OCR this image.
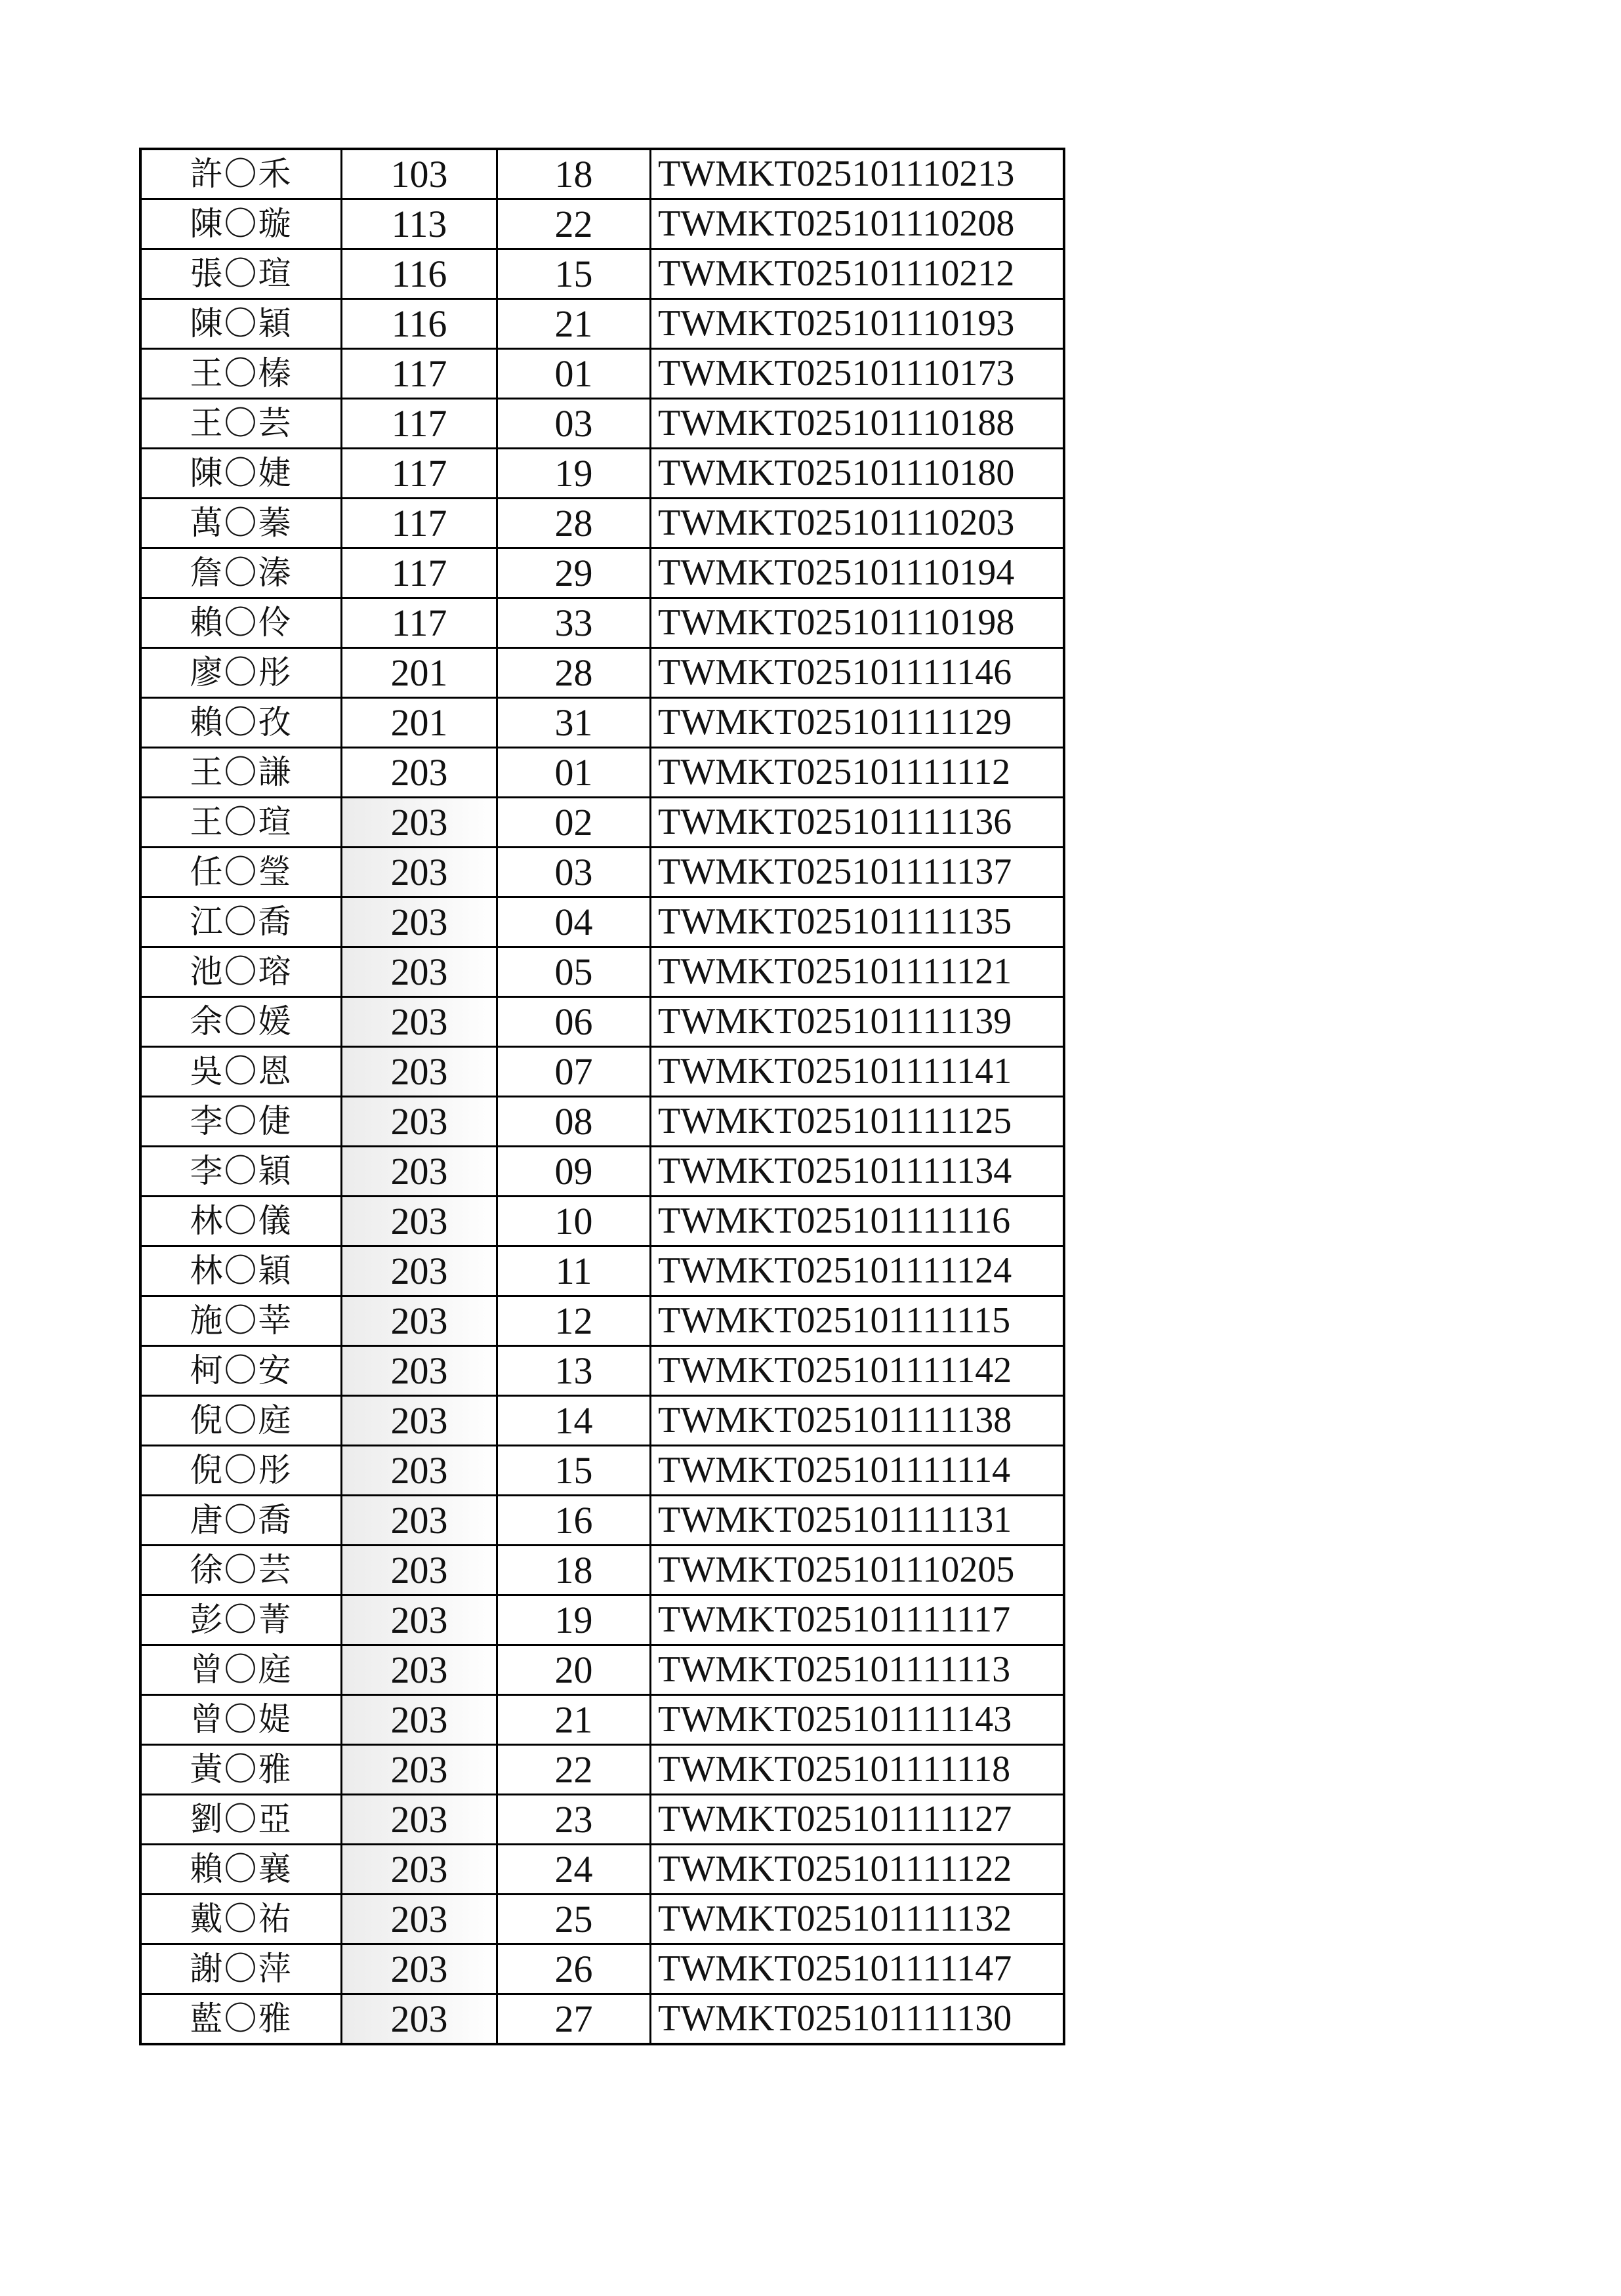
許〇禾	103	18	TWMKT025101110213
陳〇璇	113	22	TWMKT025101110208
張〇瑄	116	15	TWMKT025101110212
陳〇穎	116	21	TWMKT025101110193
王〇榛	117	01	TWMKT025101110173
王〇芸	117	03	TWMKT025101110188
陳〇婕	117	19	TWMKT025101110180
萬〇蓁	117	28	TWMKT025101110203
詹〇溱	117	29	TWMKT025101110194
賴〇伶	117	33	TWMKT025101110198
廖〇彤	201	28	TWMKT025101111146
賴〇孜	201	31	TWMKT025101111129
王〇謙	203	01	TWMKT025101111112
王〇瑄	203	02	TWMKT025101111136
任〇瑩	203	03	TWMKT025101111137
江〇喬	203	04	TWMKT025101111135
池〇瑢	203	05	TWMKT025101111121
余〇媛	203	06	TWMKT025101111139
吳〇恩	203	07	TWMKT025101111141
李〇倢	203	08	TWMKT025101111125
李〇穎	203	09	TWMKT025101111134
林〇儀	203	10	TWMKT025101111116
林〇穎	203	11	TWMKT025101111124
施〇莘	203	12	TWMKT025101111115
柯〇安	203	13	TWMKT025101111142
倪〇庭	203	14	TWMKT025101111138
倪〇彤	203	15	TWMKT025101111114
唐〇喬	203	16	TWMKT025101111131
徐〇芸	203	18	TWMKT025101110205
彭〇菁	203	19	TWMKT025101111117
曾〇庭	203	20	TWMKT025101111113
曾〇媞	203	21	TWMKT025101111143
黃〇雅	203	22	TWMKT025101111118
劉〇亞	203	23	TWMKT025101111127
賴〇襄	203	24	TWMKT025101111122
戴〇祐	203	25	TWMKT025101111132
謝〇萍	203	26	TWMKT025101111147
藍〇雅	203	27	TWMKT025101111130
